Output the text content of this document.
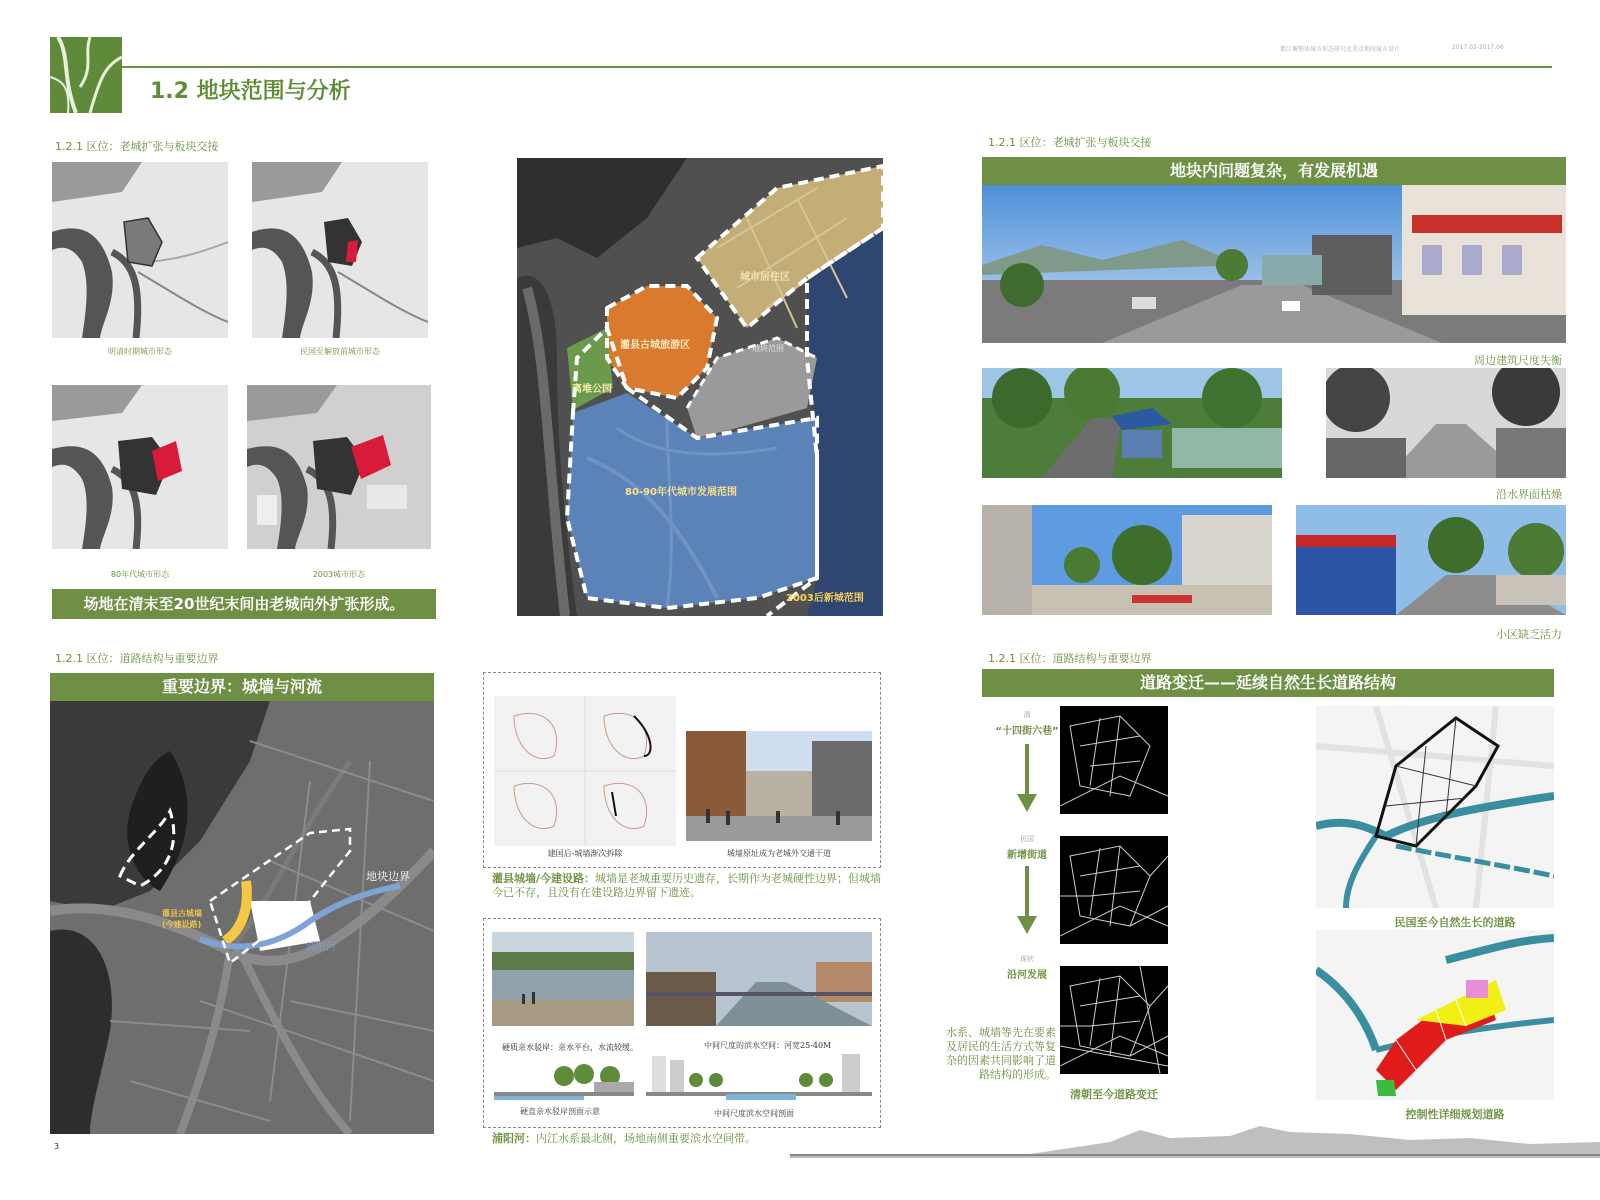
1.2 地块范围与分析
都江堰整体城市形态研究及重点地段城市设计	2017.02-2017.06
1.2.1 区位：老城扩张与板块交接
明清时期城市形态	民国至解放前城市形态
80年代城市形态	2003城市形态
场地在清末至20世纪末间由老城向外扩张形成。
城市居住区
灌县古城旅游区	地块范围
离堆公园
80-90年代城市发展范围
2003后新城范围
1.2.1 区位：老城扩张与板块交接
地块内问题复杂，有发展机遇
周边建筑尺度失衡
沿水界面枯燥
小区缺乏活力
1.2.1 区位：道路结构与重要边界
重要边界：城墙与河流
地块边界
灌县古城墙
(今建设路)
浦阳河
3
建国后-城墙渐次拆除	城墙原址成为老城外交通干道
灌县城墙/今建设路：城墙是老城重要历史遗存，长期作为老城硬性边界；但城墙今已不存，且没有在建设路边界留下遗迹。
硬质亲水驳岸：亲水平台，水流较缓。	中间尺度的滨水空间：河宽25-40M
硬直亲水驳岸剖面示意	中间尺度滨水空间剖面
浦阳河：内江水系最北侧，场地南侧重要滨水空间带。
1.2.1 区位：道路结构与重要边界
道路变迁——延续自然生长道路结构
清
“十四街六巷”
民国
新增街道
现状
沿河发展
水系、城墙等先在要素及居民的生活方式等复杂的因素共同影响了道路结构的形成。
清朝至今道路变迁
民国至今自然生长的道路
控制性详细规划道路
